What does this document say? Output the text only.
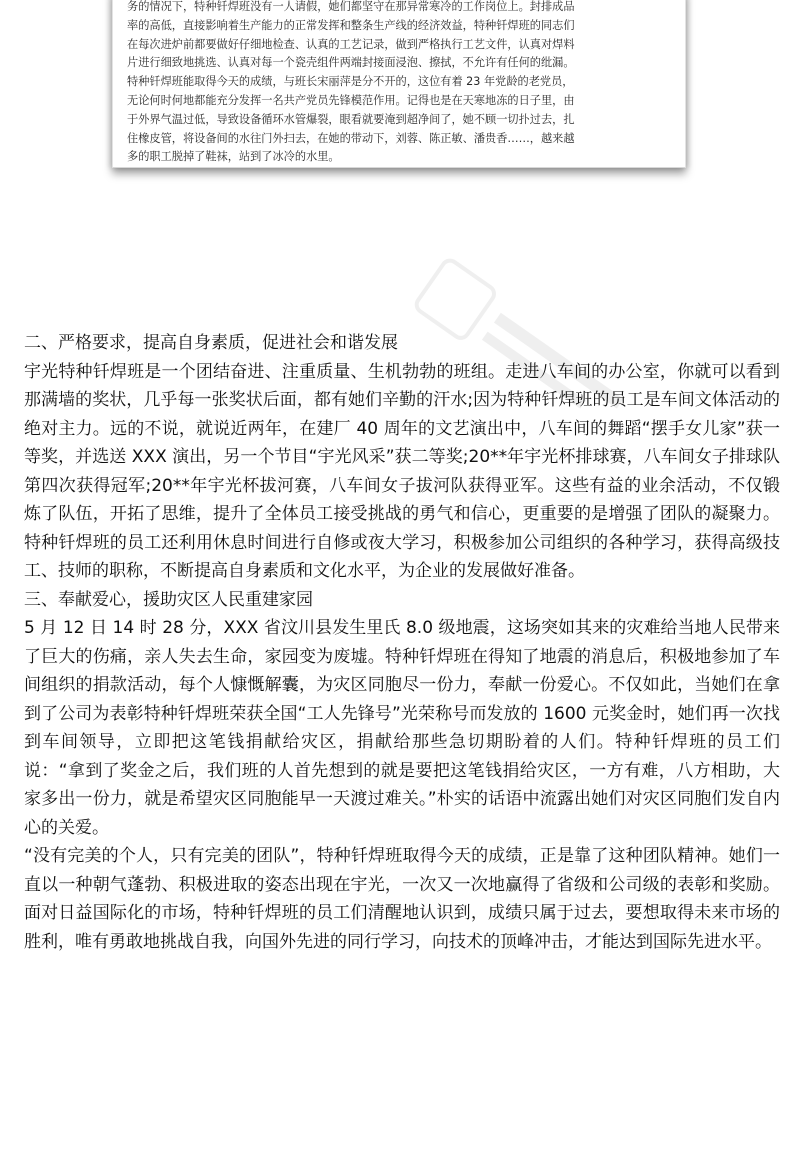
务的情况下，特种钎焊班没有一人请假，她们都坚守在那异常寒冷的工作岗位上。封排成品

率的高低，直接影响着生产能力的正常发挥和整条生产线的经济效益，特种钎焊班的同志们

在每次进炉前都要做好仔细地检查、认真的工艺记录，做到严格执行工艺文件，认真对焊料

片进行细致地挑选、认真对每一个瓷壳组件两端封接面浸泡、擦拭，不允许有任何的纰漏。

特种钎焊班能取得今天的成绩，与班长宋丽萍是分不开的，这位有着 23 年党龄的老党员，

无论何时何地都能充分发挥一名共产党员先锋模范作用。记得也是在天寒地冻的日子里，由

于外界气温过低，导致设备循环水管爆裂，眼看就要淹到超净间了，她不顾一切扑过去，扎

住橡皮管，将设备间的水往门外扫去，在她的带动下，刘蓉、陈正敏、潘贵香……，越来越

多的职工脱掉了鞋袜，站到了冰冷的水里。

二、严格要求，提高自身素质，促进社会和谐发展

宇光特种钎焊班是一个团结奋进、注重质量、生机勃勃的班组。走进八车间的办公室，你就可以看到那满墙的奖状，几乎每一张奖状后面，都有她们辛勤的汗水;因为特种钎焊班的员工是车间文体活动的绝对主力。远的不说，就说近两年，在建厂 40 周年的文艺演出中，八车间的舞蹈“摆手女儿家”获一等奖，并选送 XXX 演出，另一个节目“宇光风采”获二等奖;20**年宇光杯排球赛，八车间女子排球队第四次获得冠军;20**年宇光杯拔河赛，八车间女子拔河队获得亚军。这些有益的业余活动，不仅锻炼了队伍，开拓了思维，提升了全体员工接受挑战的勇气和信心，更重要的是增强了团队的凝聚力。特种钎焊班的员工还利用休息时间进行自修或夜大学习，积极参加公司组织的各种学习，获得高级技工、技师的职称，不断提高自身素质和文化水平，为企业的发展做好准备。

三、奉献爱心，援助灾区人民重建家园

5 月 12 日 14 时 28 分，XXX 省汶川县发生里氏 8.0 级地震，这场突如其来的灾难给当地人民带来了巨大的伤痛，亲人失去生命，家园变为废墟。特种钎焊班在得知了地震的消息后，积极地参加了车间组织的捐款活动，每个人慷慨解囊，为灾区同胞尽一份力，奉献一份爱心。不仅如此，当她们在拿到了公司为表彰特种钎焊班荣获全国“工人先锋号”光荣称号而发放的 1600 元奖金时，她们再一次找到车间领导，立即把这笔钱捐献给灾区，捐献给那些急切期盼着的人们。特种钎焊班的员工们说：“拿到了奖金之后，我们班的人首先想到的就是要把这笔钱捐给灾区，一方有难，八方相助，大家多出一份力，就是希望灾区同胞能早一天渡过难关。”朴实的话语中流露出她们对灾区同胞们发自内心的关爱。

“没有完美的个人，只有完美的团队”，特种钎焊班取得今天的成绩，正是靠了这种团队精神。她们一直以一种朝气蓬勃、积极进取的姿态出现在宇光，一次又一次地赢得了省级和公司级的表彰和奖励。面对日益国际化的市场，特种钎焊班的员工们清醒地认识到，成绩只属于过去，要想取得未来市场的胜利，唯有勇敢地挑战自我，向国外先进的同行学习，向技术的顶峰冲击，才能达到国际先进水平。
